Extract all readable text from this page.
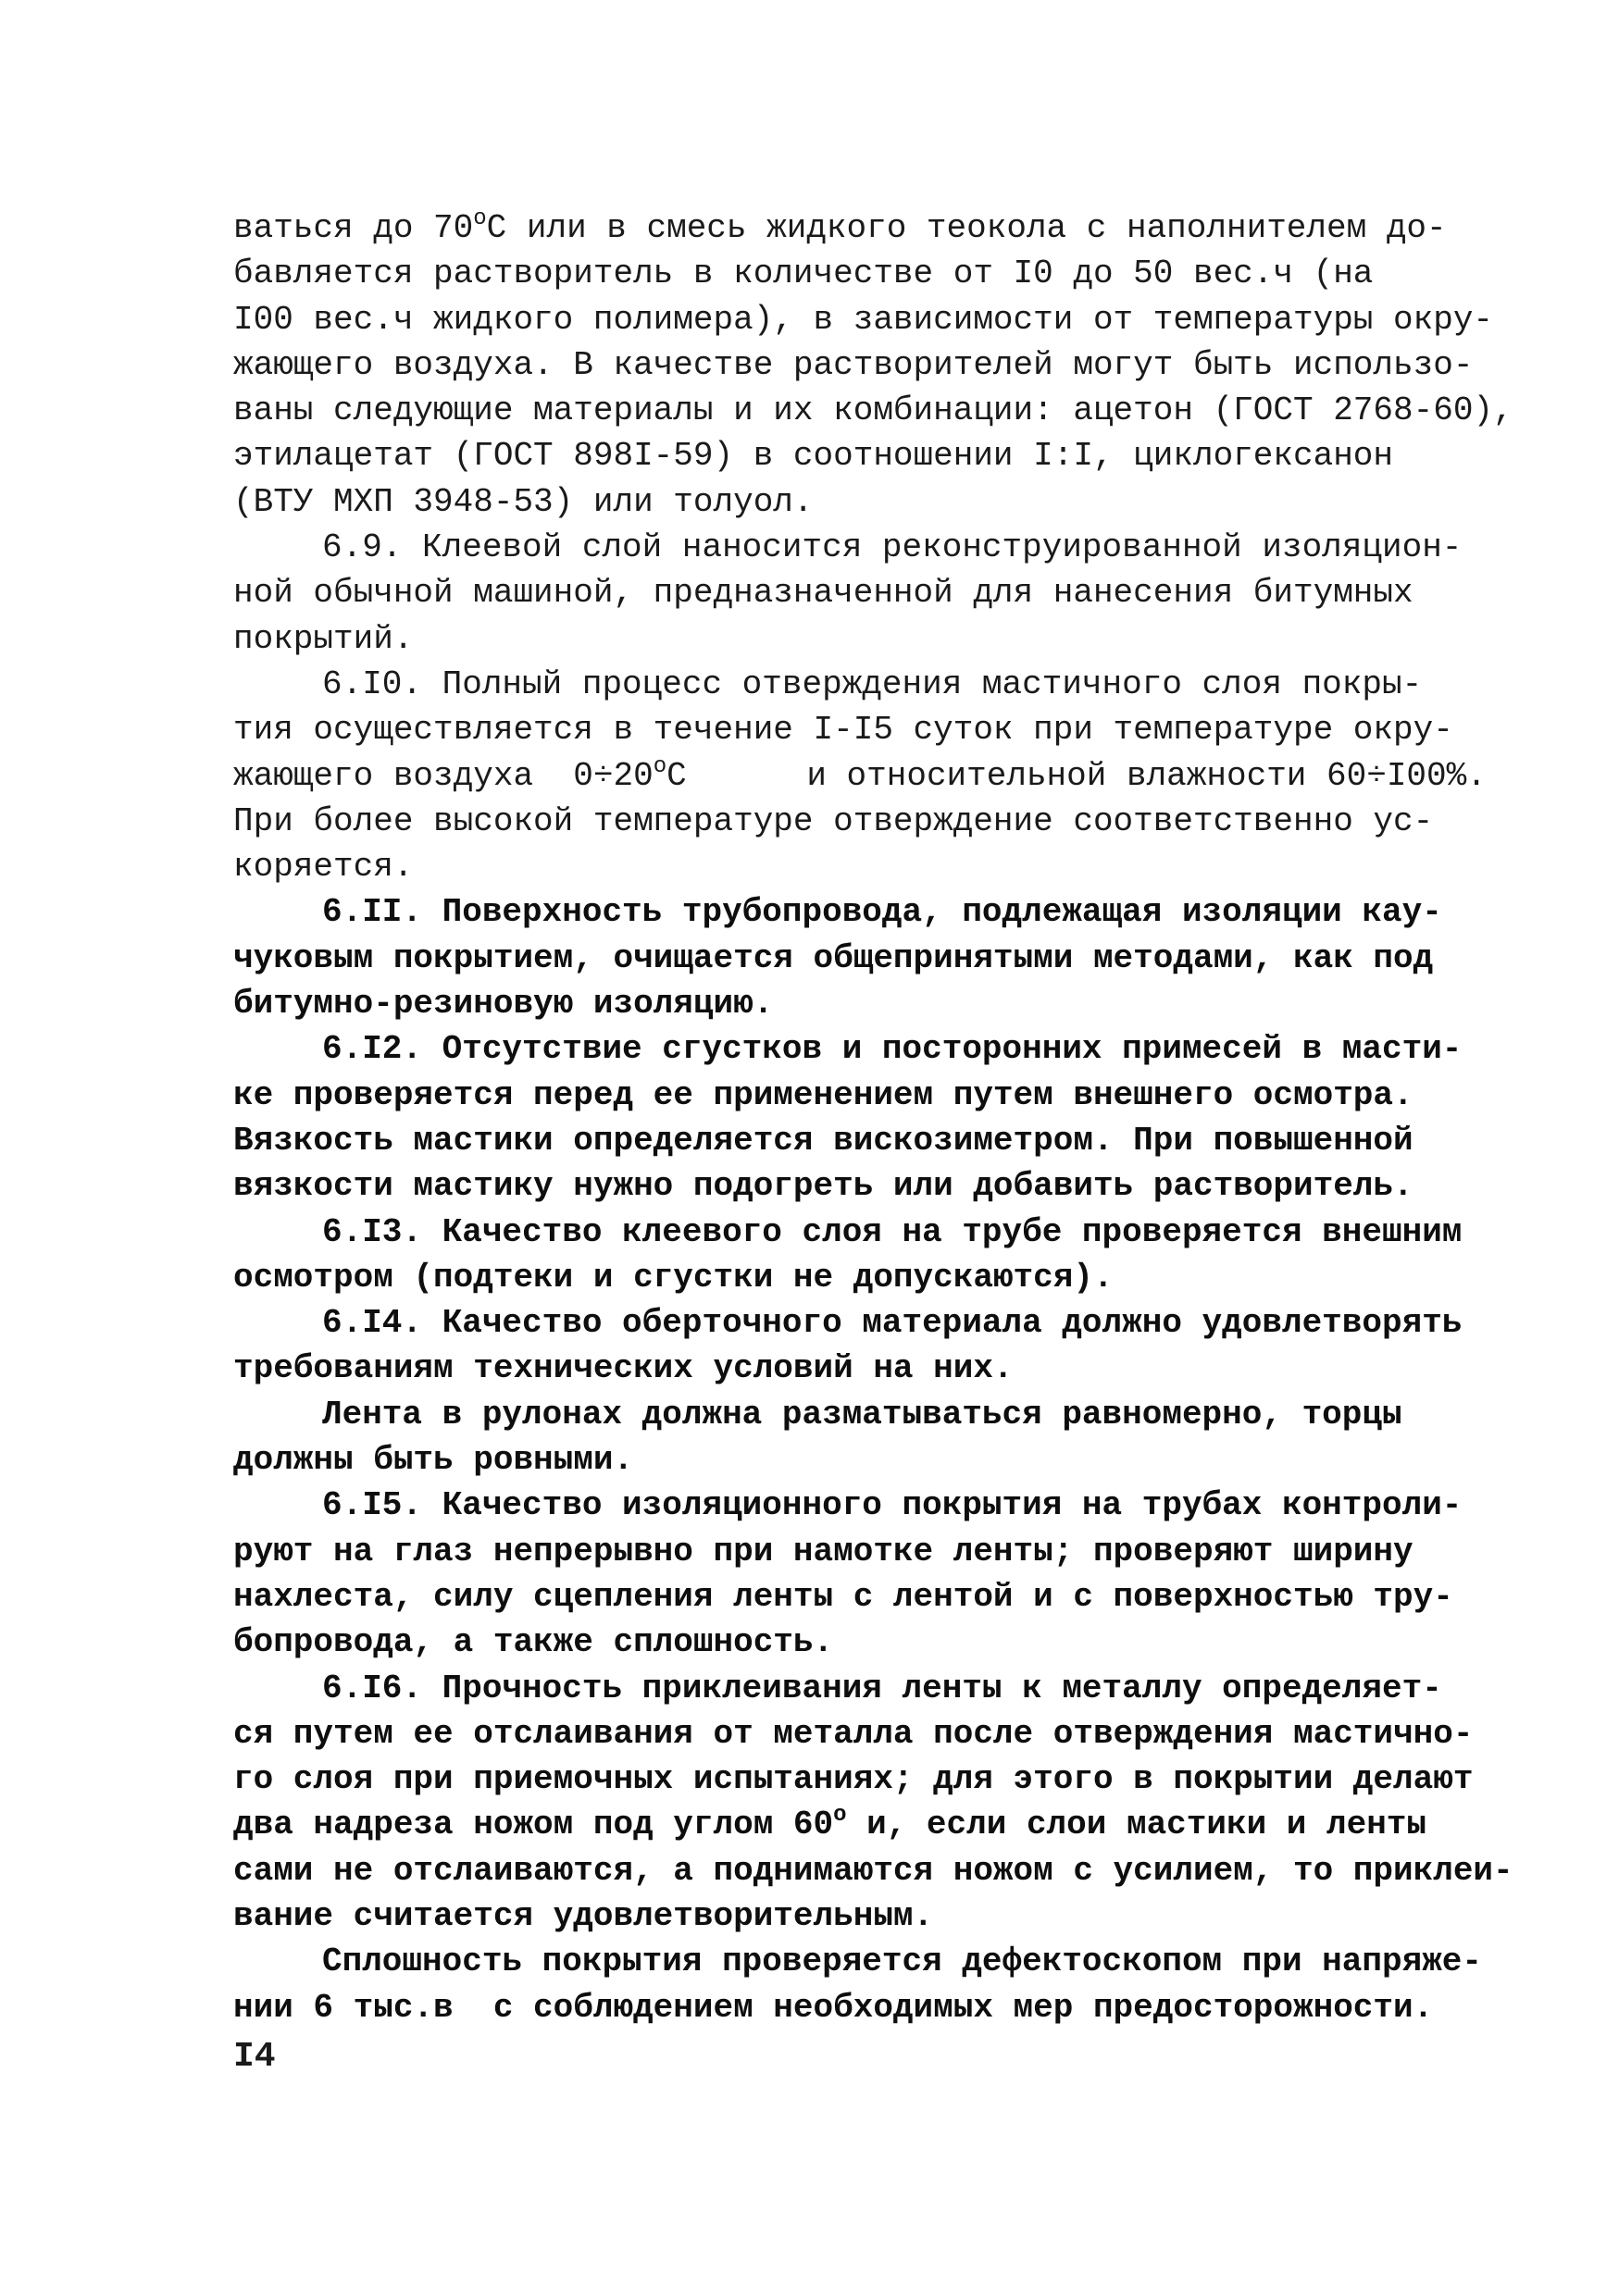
ваться до 70$^o$С или в смесь жидкого теокола с наполнителем до-
бавляется растворитель в количестве от I0 до 50 вес.ч (на
I00 вес.ч жидкого полимера), в зависимости от температуры окру-
жающего воздуха. В качестве растворителей могут быть использо-
ваны следующие материалы и их комбинации: ацетон (ГОСТ 2768-60),
этилацетат (ГОСТ 898I-59) в соотношении I:I, циклогексанон
(ВТУ МХП 3948-53) или толуол.
6.9. Клеевой слой наносится реконструированной изоляцион-
ной обычной машиной, предназначенной для нанесения битумных
покрытий.
6.I0. Полный процесс отверждения мастичного слоя покры-
тия осуществляется в течение I-I5 суток при температуре окру-
жающего воздуха  $0\div 20^oС$      и относительной влажности 60÷I00%.
При более высокой температуре отверждение соответственно ус-
коряется.
6.II. Поверхность трубопровода, подлежащая изоляции кау-
чуковым покрытием, очищается общепринятыми методами, как под
битумно-резиновую изоляцию.
6.I2. Отсутствие сгустков и посторонних примесей в масти-
ке проверяется перед ее применением путем внешнего осмотра.
Вязкость мастики определяется вискозиметром. При повышенной
вязкости мастику нужно подогреть или добавить растворитель.
6.I3. Качество клеевого слоя на трубе проверяется внешним
осмотром (подтеки и сгустки не допускаются).
6.I4. Качество оберточного материала должно удовлетворять
требованиям технических условий на них.
Лента в рулонах должна разматываться равномерно, торцы
должны быть ровными.
6.I5. Качество изоляционного покрытия на трубах контроли-
руют на глаз непрерывно при намотке ленты; проверяют ширину
нахлеста, силу сцепления ленты с лентой и с поверхностью тру-
бопровода, а также сплошность.
6.I6. Прочность приклеивания ленты к металлу определяет-
ся путем ее отслаивания от металла после отверждения мастично-
го слоя при приемочных испытаниях; для этого в покрытии делают
два надреза ножом под углом 60$^o$ и, если слои мастики и ленты
сами не отслаиваются, а поднимаются ножом с усилием, то приклеи-
вание считается удовлетворительным.
Сплошность покрытия проверяется дефектоскопом при напряже-
нии 6 тыс.в  с соблюдением необходимых мер предосторожности.
I4
